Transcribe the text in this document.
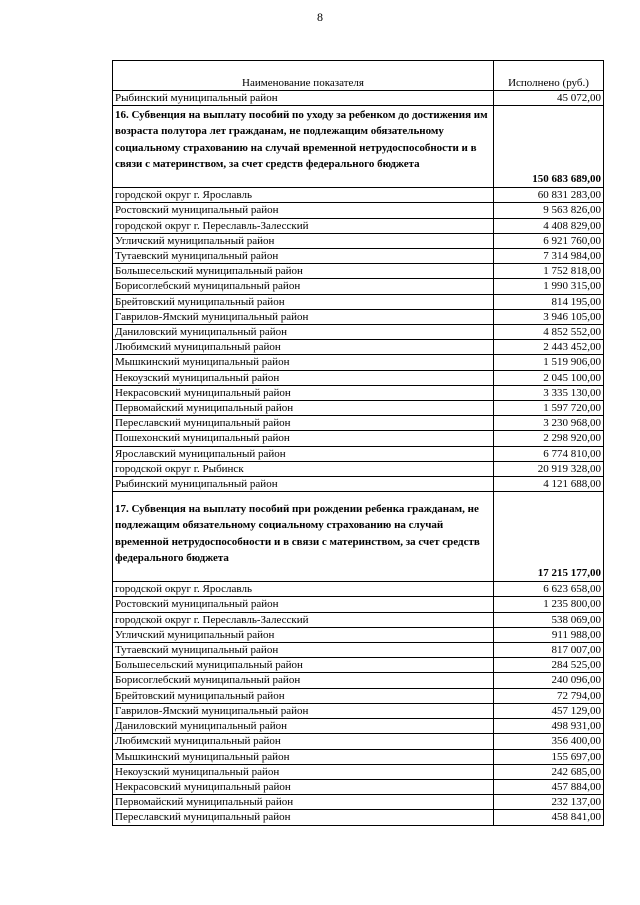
8
Наименование показателя	Исполнено (руб.)
Рыбинский муниципальный район	45 072,00
16. Субвенция на выплату пособий по уходу за ребенком до достижения им возраста полутора лет гражданам, не подлежащим обязательному социальному страхованию на случай временной нетрудоспособности и в связи с материнством, за счет средств федерального бюджета	150 683 689,00
городской округ г. Ярославль	60 831 283,00
Ростовский муниципальный район	9 563 826,00
городской округ г. Переславль-Залесский	4 408 829,00
Угличский муниципальный район	6 921 760,00
Тутаевский муниципальный район	7 314 984,00
Большесельский муниципальный район	1 752 818,00
Борисоглебский муниципальный район	1 990 315,00
Брейтовский муниципальный район	814 195,00
Гаврилов-Ямский муниципальный район	3 946 105,00
Даниловский муниципальный район	4 852 552,00
Любимский муниципальный район	2 443 452,00
Мышкинский муниципальный район	1 519 906,00
Некоузский муниципальный район	2 045 100,00
Некрасовский муниципальный район	3 335 130,00
Первомайский муниципальный район	1 597 720,00
Переславский муниципальный район	3 230 968,00
Пошехонский муниципальный район	2 298 920,00
Ярославский муниципальный район	6 774 810,00
городской округ г. Рыбинск	20 919 328,00
Рыбинский муниципальный район	4 121 688,00
17. Субвенция на выплату пособий при рождении ребенка гражданам, не подлежащим обязательному социальному страхованию на случай временной нетрудоспособности и в связи с материнством, за счет средств федерального бюджета	17 215 177,00
городской округ г. Ярославль	6 623 658,00
Ростовский муниципальный район	1 235 800,00
городской округ г. Переславль-Залесский	538 069,00
Угличский муниципальный район	911 988,00
Тутаевский муниципальный район	817 007,00
Большесельский муниципальный район	284 525,00
Борисоглебский муниципальный район	240 096,00
Брейтовский муниципальный район	72 794,00
Гаврилов-Ямский муниципальный район	457 129,00
Даниловский муниципальный район	498 931,00
Любимский муниципальный район	356 400,00
Мышкинский муниципальный район	155 697,00
Некоузский муниципальный район	242 685,00
Некрасовский муниципальный район	457 884,00
Первомайский муниципальный район	232 137,00
Переславский муниципальный район	458 841,00
